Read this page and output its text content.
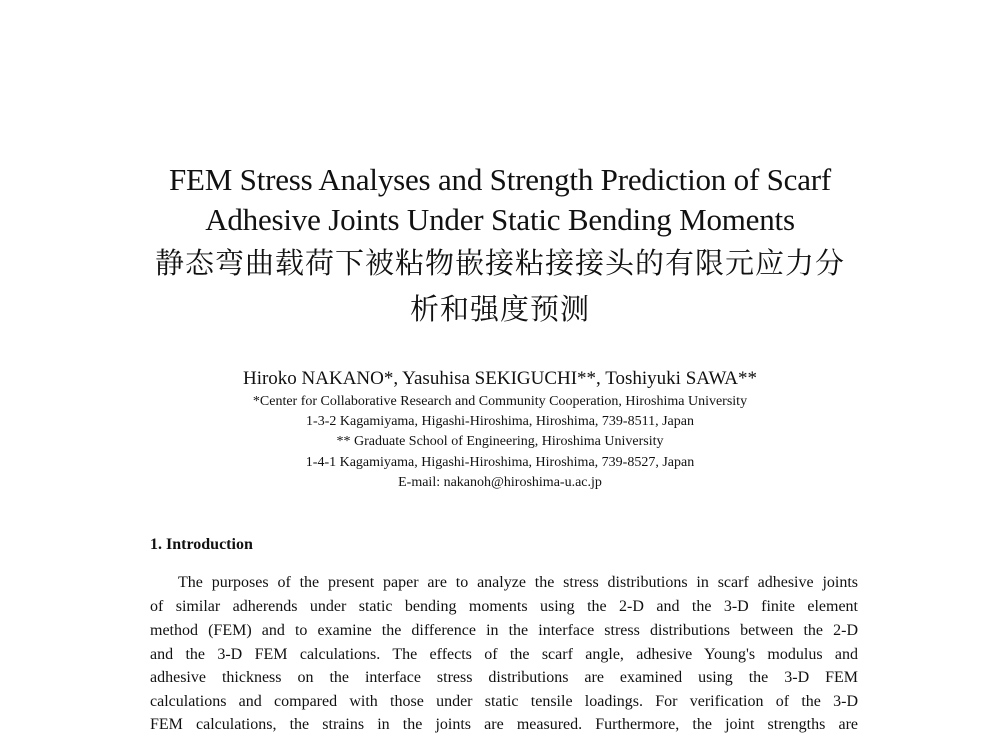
FEM Stress Analyses and Strength Prediction of Scarf
Adhesive Joints Under Static Bending Moments
静态弯曲载荷下被粘物嵌接粘接接头的有限元应力分
析和强度预测
Hiroko NAKANO*, Yasuhisa SEKIGUCHI**, Toshiyuki SAWA**
*Center for Collaborative Research and Community Cooperation, Hiroshima University
1-3-2 Kagamiyama, Higashi-Hiroshima, Hiroshima, 739-8511, Japan
** Graduate School of Engineering, Hiroshima University
1-4-1 Kagamiyama, Higashi-Hiroshima, Hiroshima, 739-8527, Japan
E-mail: nakanoh@hiroshima-u.ac.jp
1. Introduction
The purposes of the present paper are to analyze the stress distributions in scarf adhesive joints
of similar adherends under static bending moments using the 2-D and the 3-D finite element
method (FEM) and to examine the difference in the interface stress distributions between the 2-D
and the 3-D FEM calculations. The effects of the scarf angle, adhesive Young's modulus and
adhesive thickness on the interface stress distributions are examined using the 3-D FEM
calculations and compared with those under static tensile loadings. For verification of the 3-D
FEM calculations, the strains in the joints are measured. Furthermore, the joint strengths are
